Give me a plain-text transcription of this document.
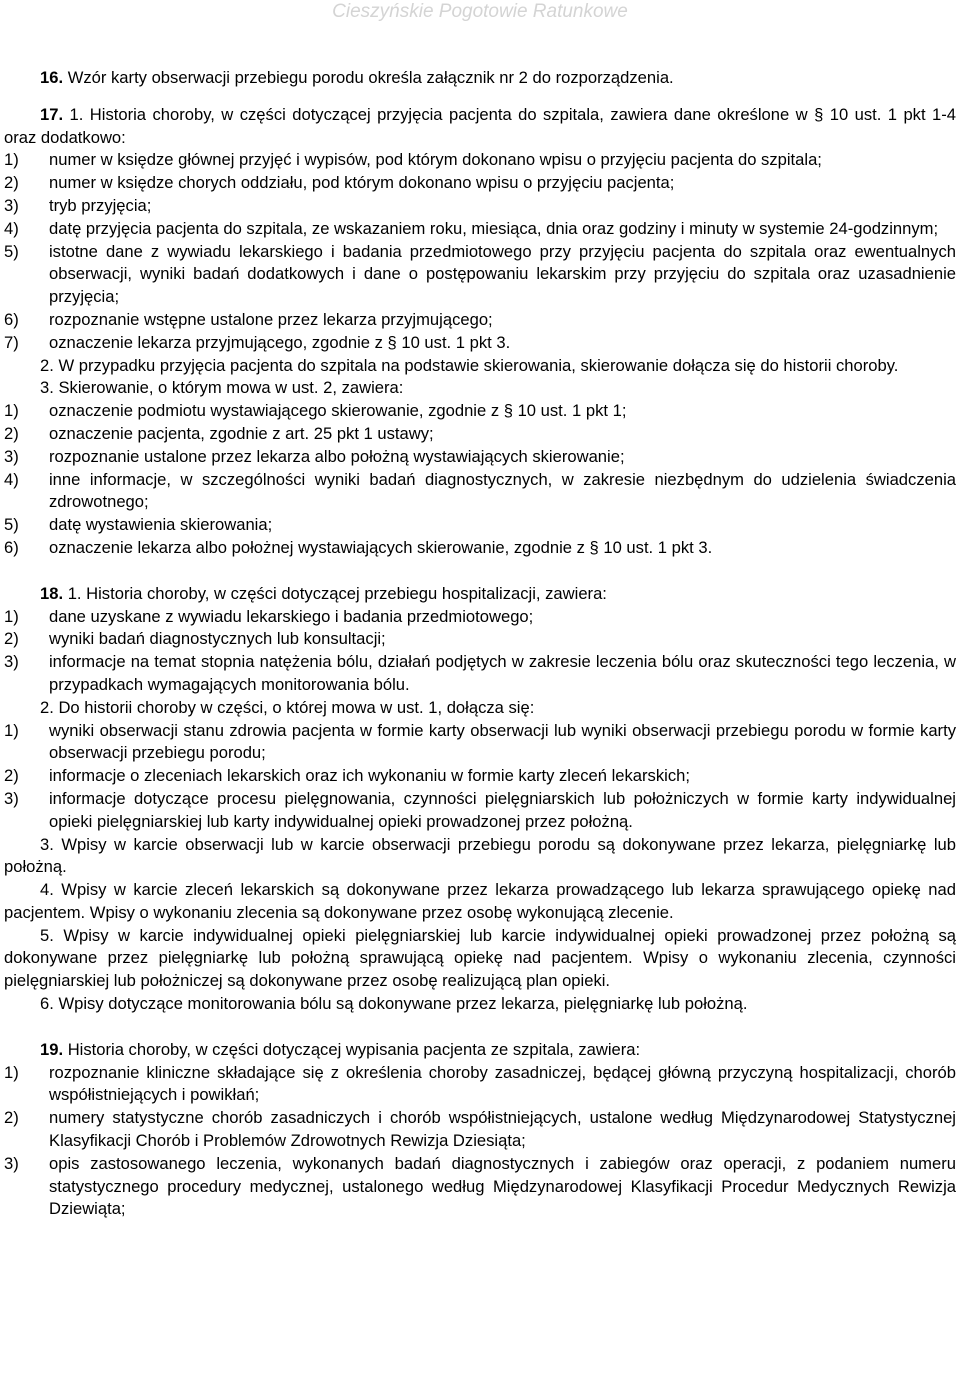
Cieszyńskie Pogotowie Ratunkowe
16. Wzór karty obserwacji przebiegu porodu określa załącznik nr 2 do rozporządzenia.
17. 1. Historia choroby, w części dotyczącej przyjęcia pacjenta do szpitala, zawiera dane określone w § 10 ust. 1 pkt 1-4 oraz dodatkowo:
1) numer w księdze głównej przyjęć i wypisów, pod którym dokonano wpisu o przyjęciu pacjenta do szpitala;
2) numer w księdze chorych oddziału, pod którym dokonano wpisu o przyjęciu pacjenta;
3) tryb przyjęcia;
4) datę przyjęcia pacjenta do szpitala, ze wskazaniem roku, miesiąca, dnia oraz godziny i minuty w systemie 24-godzinnym;
5) istotne dane z wywiadu lekarskiego i badania przedmiotowego przy przyjęciu pacjenta do szpitala oraz ewentualnych obserwacji, wyniki badań dodatkowych i dane o postępowaniu lekarskim przy przyjęciu do szpitala oraz uzasadnienie przyjęcia;
6) rozpoznanie wstępne ustalone przez lekarza przyjmującego;
7) oznaczenie lekarza przyjmującego, zgodnie z § 10 ust. 1 pkt 3.
2. W przypadku przyjęcia pacjenta do szpitala na podstawie skierowania, skierowanie dołącza się do historii choroby.
3. Skierowanie, o którym mowa w ust. 2, zawiera:
1) oznaczenie podmiotu wystawiającego skierowanie, zgodnie z § 10 ust. 1 pkt 1;
2) oznaczenie pacjenta, zgodnie z art. 25 pkt 1 ustawy;
3) rozpoznanie ustalone przez lekarza albo położną wystawiających skierowanie;
4) inne informacje, w szczególności wyniki badań diagnostycznych, w zakresie niezbędnym do udzielenia świadczenia zdrowotnego;
5) datę wystawienia skierowania;
6) oznaczenie lekarza albo położnej wystawiających skierowanie, zgodnie z § 10 ust. 1 pkt 3.
18. 1. Historia choroby, w części dotyczącej przebiegu hospitalizacji, zawiera:
1) dane uzyskane z wywiadu lekarskiego i badania przedmiotowego;
2) wyniki badań diagnostycznych lub konsultacji;
3) informacje na temat stopnia natężenia bólu, działań podjętych w zakresie leczenia bólu oraz skuteczności tego leczenia, w przypadkach wymagających monitorowania bólu.
2. Do historii choroby w części, o której mowa w ust. 1, dołącza się:
1) wyniki obserwacji stanu zdrowia pacjenta w formie karty obserwacji lub wyniki obserwacji przebiegu porodu w formie karty obserwacji przebiegu porodu;
2) informacje o zleceniach lekarskich oraz ich wykonaniu w formie karty zleceń lekarskich;
3) informacje dotyczące procesu pielęgnowania, czynności pielęgniarskich lub położniczych w formie karty indywidualnej opieki pielęgniarskiej lub karty indywidualnej opieki prowadzonej przez położną.
3. Wpisy w karcie obserwacji lub w karcie obserwacji przebiegu porodu są dokonywane przez lekarza, pielęgniarkę lub położną.
4. Wpisy w karcie zleceń lekarskich są dokonywane przez lekarza prowadzącego lub lekarza sprawującego opiekę nad pacjentem. Wpisy o wykonaniu zlecenia są dokonywane przez osobę wykonującą zlecenie.
5. Wpisy w karcie indywidualnej opieki pielęgniarskiej lub karcie indywidualnej opieki prowadzonej przez położną są dokonywane przez pielęgniarkę lub położną sprawującą opiekę nad pacjentem. Wpisy o wykonaniu zlecenia, czynności pielęgniarskiej lub położniczej są dokonywane przez osobę realizującą plan opieki.
6. Wpisy dotyczące monitorowania bólu są dokonywane przez lekarza, pielęgniarkę lub położną.
19. Historia choroby, w części dotyczącej wypisania pacjenta ze szpitala, zawiera:
1) rozpoznanie kliniczne składające się z określenia choroby zasadniczej, będącej główną przyczyną hospitalizacji, chorób współistniejących i powikłań;
2) numery statystyczne chorób zasadniczych i chorób współistniejących, ustalone według Międzynarodowej Statystycznej Klasyfikacji Chorób i Problemów Zdrowotnych Rewizja Dziesiąta;
3) opis zastosowanego leczenia, wykonanych badań diagnostycznych i zabiegów oraz operacji, z podaniem numeru statystycznego procedury medycznej, ustalonego według Międzynarodowej Klasyfikacji Procedur Medycznych Rewizja Dziewiąta;
